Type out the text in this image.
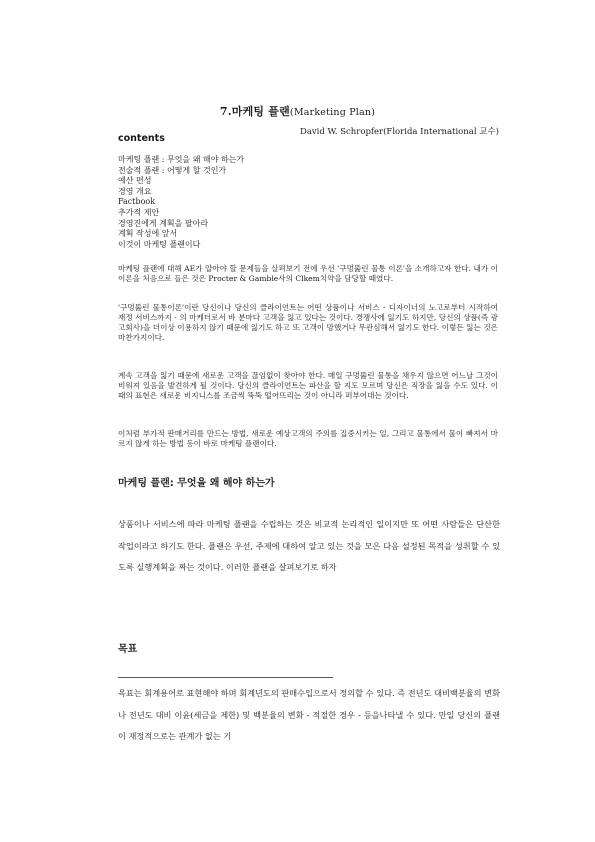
7.마케팅 플랜(Marketing Plan)
David W. Schropfer(Florida International 교수)
contents
마케팅 플랜 : 무엇을 왜 해야 하는가
전술적 플랜 : 어떻게 할 것인가
예산 편성
경영 개요
Factbook
추가적 제안
경영진에게 계획을 팔아라
계획 작성에 앞서
이것이 마케팅 플랜이다

마케팅 플랜에 대해 AE가 알아야 할 문제들을 살펴보기 전에 우선 '구멍뚫린 물통 이론'을 소개하고자 한다. 내가 이 이론을 처음으로 들은 것은 Procter & Gamble사의 Clkem치약을 담당할 때였다.

'구멍뚫린 물통이론'이란 당신이나 당신의 클라이언트는 어떤 상품이나 서비스 - 디자이너의 노고로부터 시작하여 재정 서비스까지 - 의 마케터로서 바 분마다 고객을 잃고 있다는 것이다. 경쟁사에 잃기도 하지만, 당신의 상품(즉 광고회사)을 더이상 이용하지 않기 때문에 잃기도 하고 또 고객이 망했거나 무관심해서 잃기도 한다. 이렇든 잃는 것은 마찬가지이다.

계속 고객을 잃기 때문에 새로운 고객을 끊임없이 찾아야 한다. 매일 구멍뚫린 물통을 채우지 않으면 어느날 그것이 비워져 있음을 발견하게 될 것이다. 당신의 클라이언트는 파산을 할 지도 모르며 당신은 직장을 잃을 수도 있다. 이 때의 표현은 새로운 비지니스를 조금씩 뚝뚝 떨어뜨리는 것이 아니라 퍼부어대는 것이다.

이처럼 부가적 판매거리를 만드는 방법, 새로운 예상고객의 주의를 집중시키는 일, 그리고 물통에서 물이 빠져서 마르지 않게 하는 방법 등이 바로 마케팅 플랜이다.

마케팅 플랜: 무엇을 왜 해야 하는가

상품이나 서비스에 따라 마케팅 플랜을 수립하는 것은 비교적 논리적인 일이지만 또 어떤 사람들은 단산한 작업이라고 하기도 한다. 플랜은 우선, 주제에 대하여 알고 있는 것을 모은 다음 설정된 목적을 성취할 수 있도록 실행계획을 짜는 것이다. 이러한 플랜을 살펴보기로 하자

목표

목표는 회계용어로 표현해야 하며 회계년도의 판매수입으로서 정의할 수 있다. 즉 전년도 대비백분율의 변화나 전년도 대비 이윤(세금을 제한) 및 백분율의 변화 - 적절한 경우 - 등을나타낼 수 있다. 만일 당신의 플랜이 재정적으로는 관계가 없는 기
